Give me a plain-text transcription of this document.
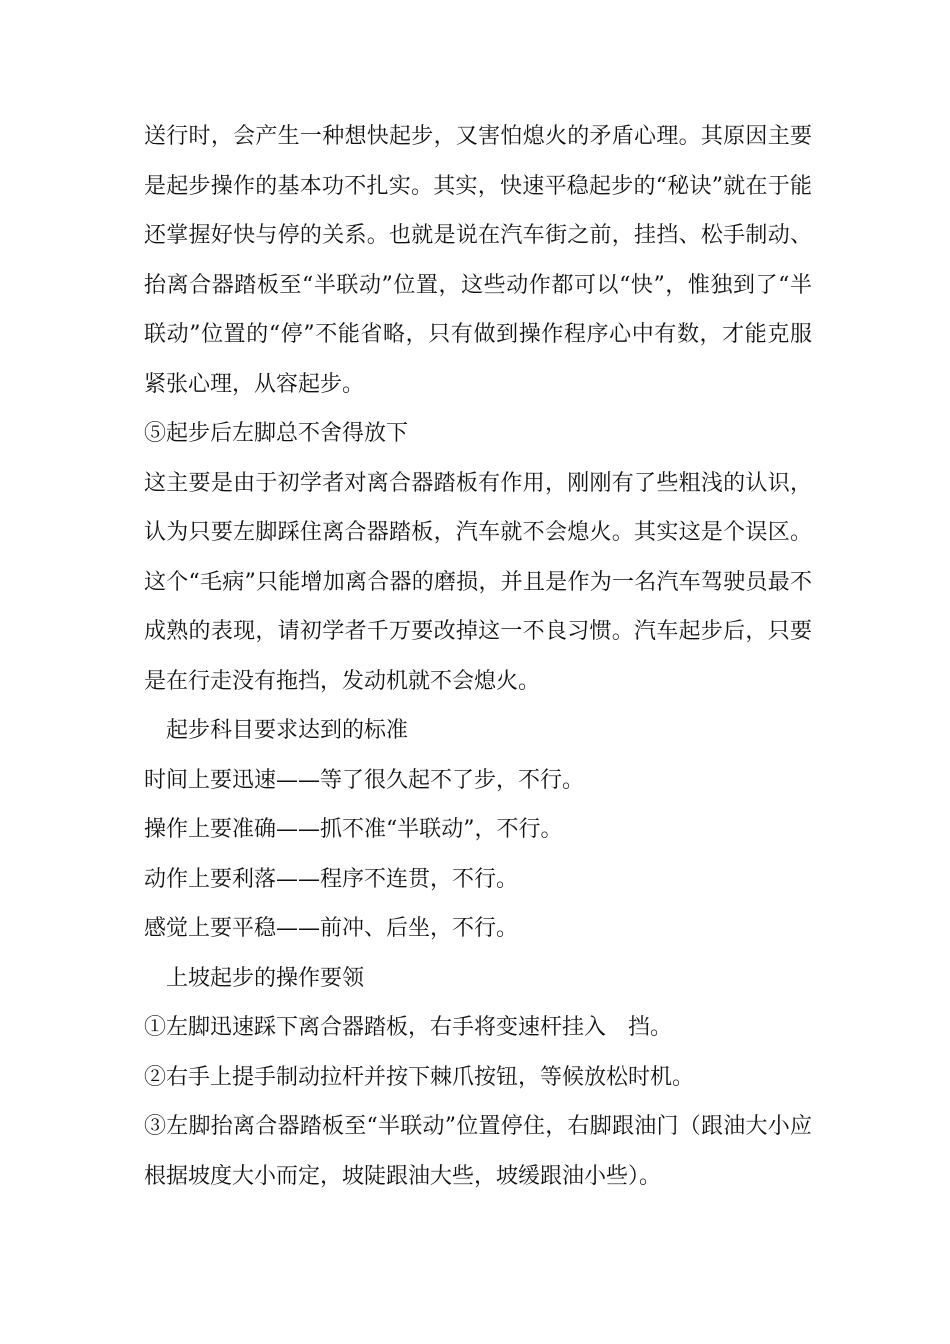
送行时，会产生一种想快起步，又害怕熄火的矛盾心理。其原因主要是起步操作的基本功不扎实。其实，快速平稳起步的“秘诀”就在于能还掌握好快与停的关系。也就是说在汽车街之前，挂挡、松手制动、抬离合器踏板至“半联动”位置，这些动作都可以“快”，惟独到了“半联动”位置的“停”不能省略，只有做到操作程序心中有数，才能克服紧张心理，从容起步。

⑤起步后左脚总不舍得放下

这主要是由于初学者对离合器踏板有作用，刚刚有了些粗浅的认识，认为只要左脚踩住离合器踏板，汽车就不会熄火。其实这是个误区。这个“毛病”只能增加离合器的磨损，并且是作为一名汽车驾驶员最不成熟的表现，请初学者千万要改掉这一不良习惯。汽车起步后，只要是在行走没有拖挡，发动机就不会熄火。

起步科目要求达到的标准

时间上要迅速——等了很久起不了步，不行。

操作上要准确——抓不准“半联动”，不行。

动作上要利落——程序不连贯，不行。

感觉上要平稳——前冲、后坐，不行。

上坡起步的操作要领

①左脚迅速踩下离合器踏板，右手将变速杆挂入　挡。

②右手上提手制动拉杆并按下棘爪按钮，等候放松时机。

③左脚抬离合器踏板至“半联动”位置停住，右脚跟油门（跟油大小应根据坡度大小而定，坡陡跟油大些，坡缓跟油小些）。
